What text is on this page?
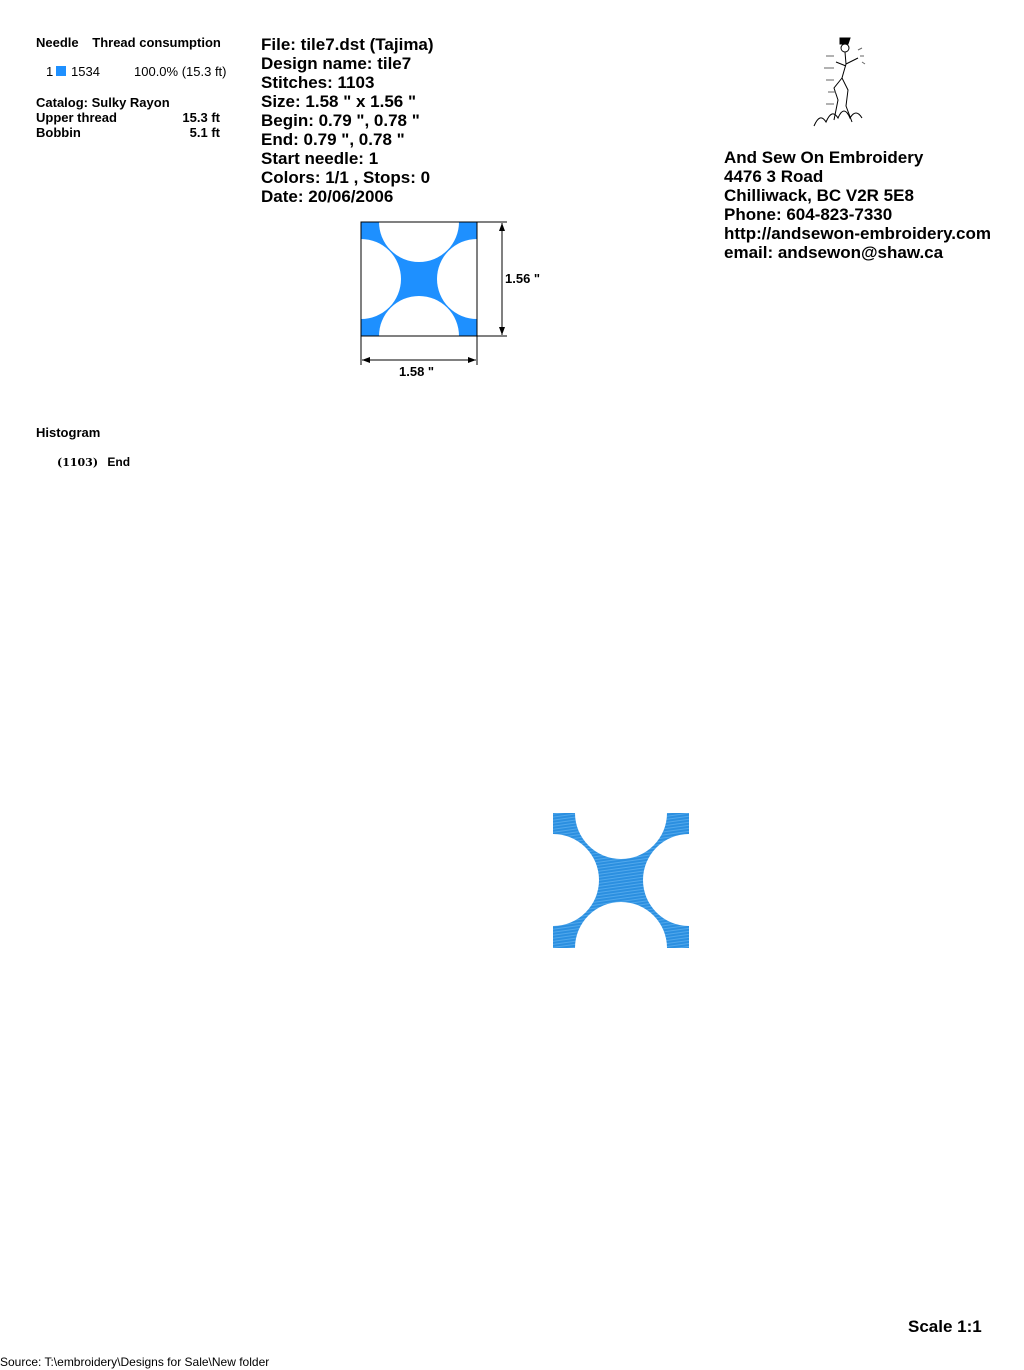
Needle Thread consumption
1 1534	100.0% (15.3 ft)
Catalog: Sulky Rayon
Upper thread	15.3 ft
Bobbin	5.1 ft
File: tile7.dst (Tajima)
Design name: tile7
Stitches: 1103
Size: 1.58 " x 1.56 "
Begin: 0.79 ", 0.78 "
End: 0.79 ", 0.78 "
Start needle: 1
Colors: 1/1 , Stops: 0
Date: 20/06/2006
1.56 "
1.58 "
And Sew On Embroidery
4476 3 Road
Chilliwack, BC V2R 5E8
Phone: 604-823-7330
http://andsewon-embroidery.com
email: andsewon@shaw.ca
Histogram
(1103) End
Scale 1:1
Source: T:\embroidery\Designs for Sale\New folder
